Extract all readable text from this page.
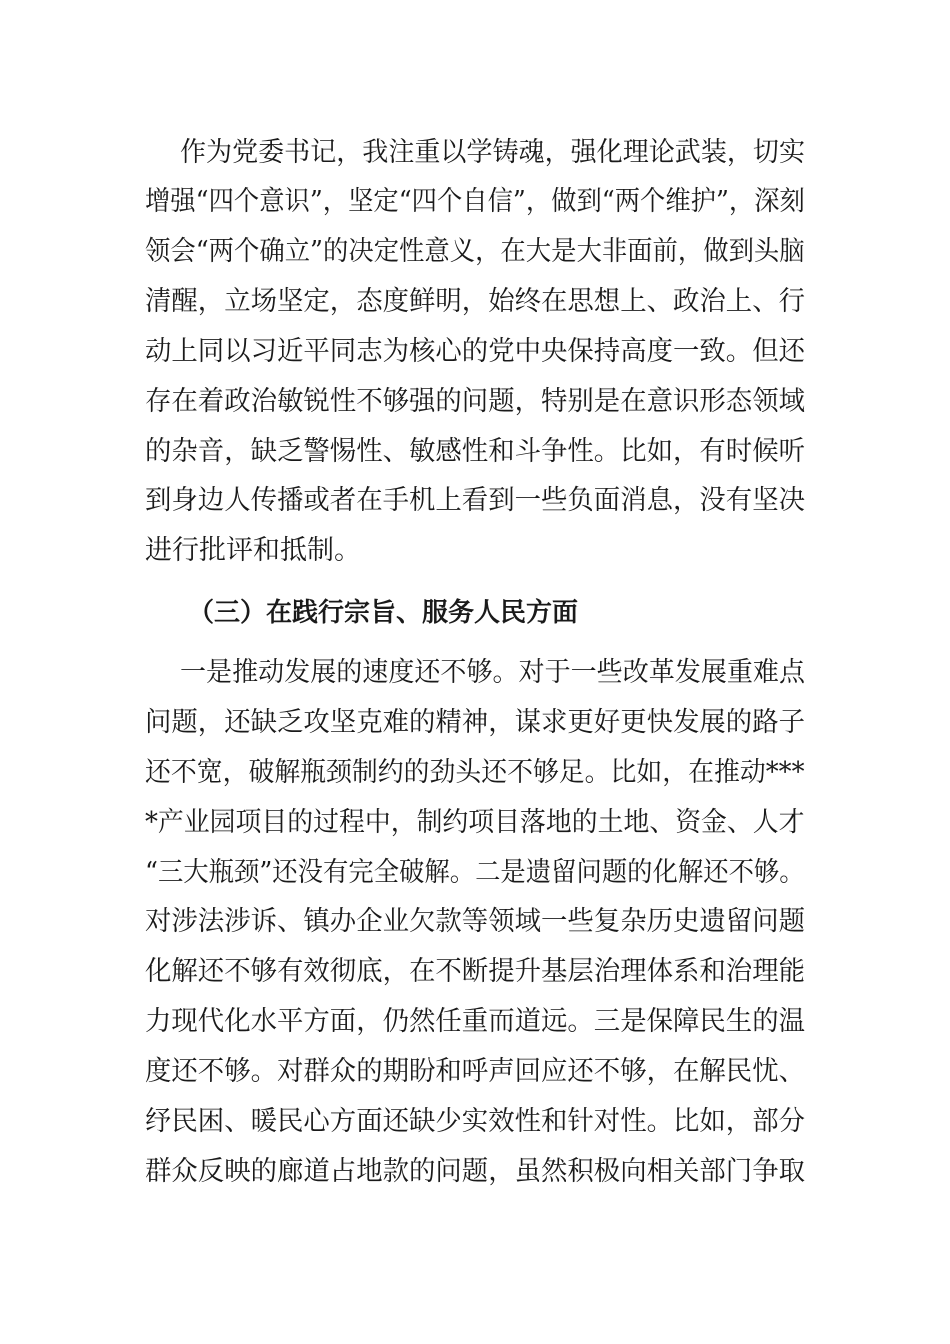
作为党委书记，我注重以学铸魂，强化理论武装，切实
增强“四个意识”，坚定“四个自信”，做到“两个维护”，深刻
领会“两个确立”的决定性意义，在大是大非面前，做到头脑
清醒，立场坚定，态度鲜明，始终在思想上、政治上、行
动上同以习近平同志为核心的党中央保持高度一致。但还
存在着政治敏锐性不够强的问题，特别是在意识形态领域
的杂音，缺乏警惕性、敏感性和斗争性。比如，有时候听
到身边人传播或者在手机上看到一些负面消息，没有坚决
进行批评和抵制。
（三）在践行宗旨、服务人民方面
一是推动发展的速度还不够。对于一些改革发展重难点
问题，还缺乏攻坚克难的精神，谋求更好更快发展的路子
还不宽，破解瓶颈制约的劲头还不够足。比如，在推动***
*产业园项目的过程中，制约项目落地的土地、资金、人才
“三大瓶颈”还没有完全破解。二是遗留问题的化解还不够。
对涉法涉诉、镇办企业欠款等领域一些复杂历史遗留问题
化解还不够有效彻底，在不断提升基层治理体系和治理能
力现代化水平方面，仍然任重而道远。三是保障民生的温
度还不够。对群众的期盼和呼声回应还不够，在解民忧、
纾民困、暖民心方面还缺少实效性和针对性。比如，部分
群众反映的廊道占地款的问题，虽然积极向相关部门争取
